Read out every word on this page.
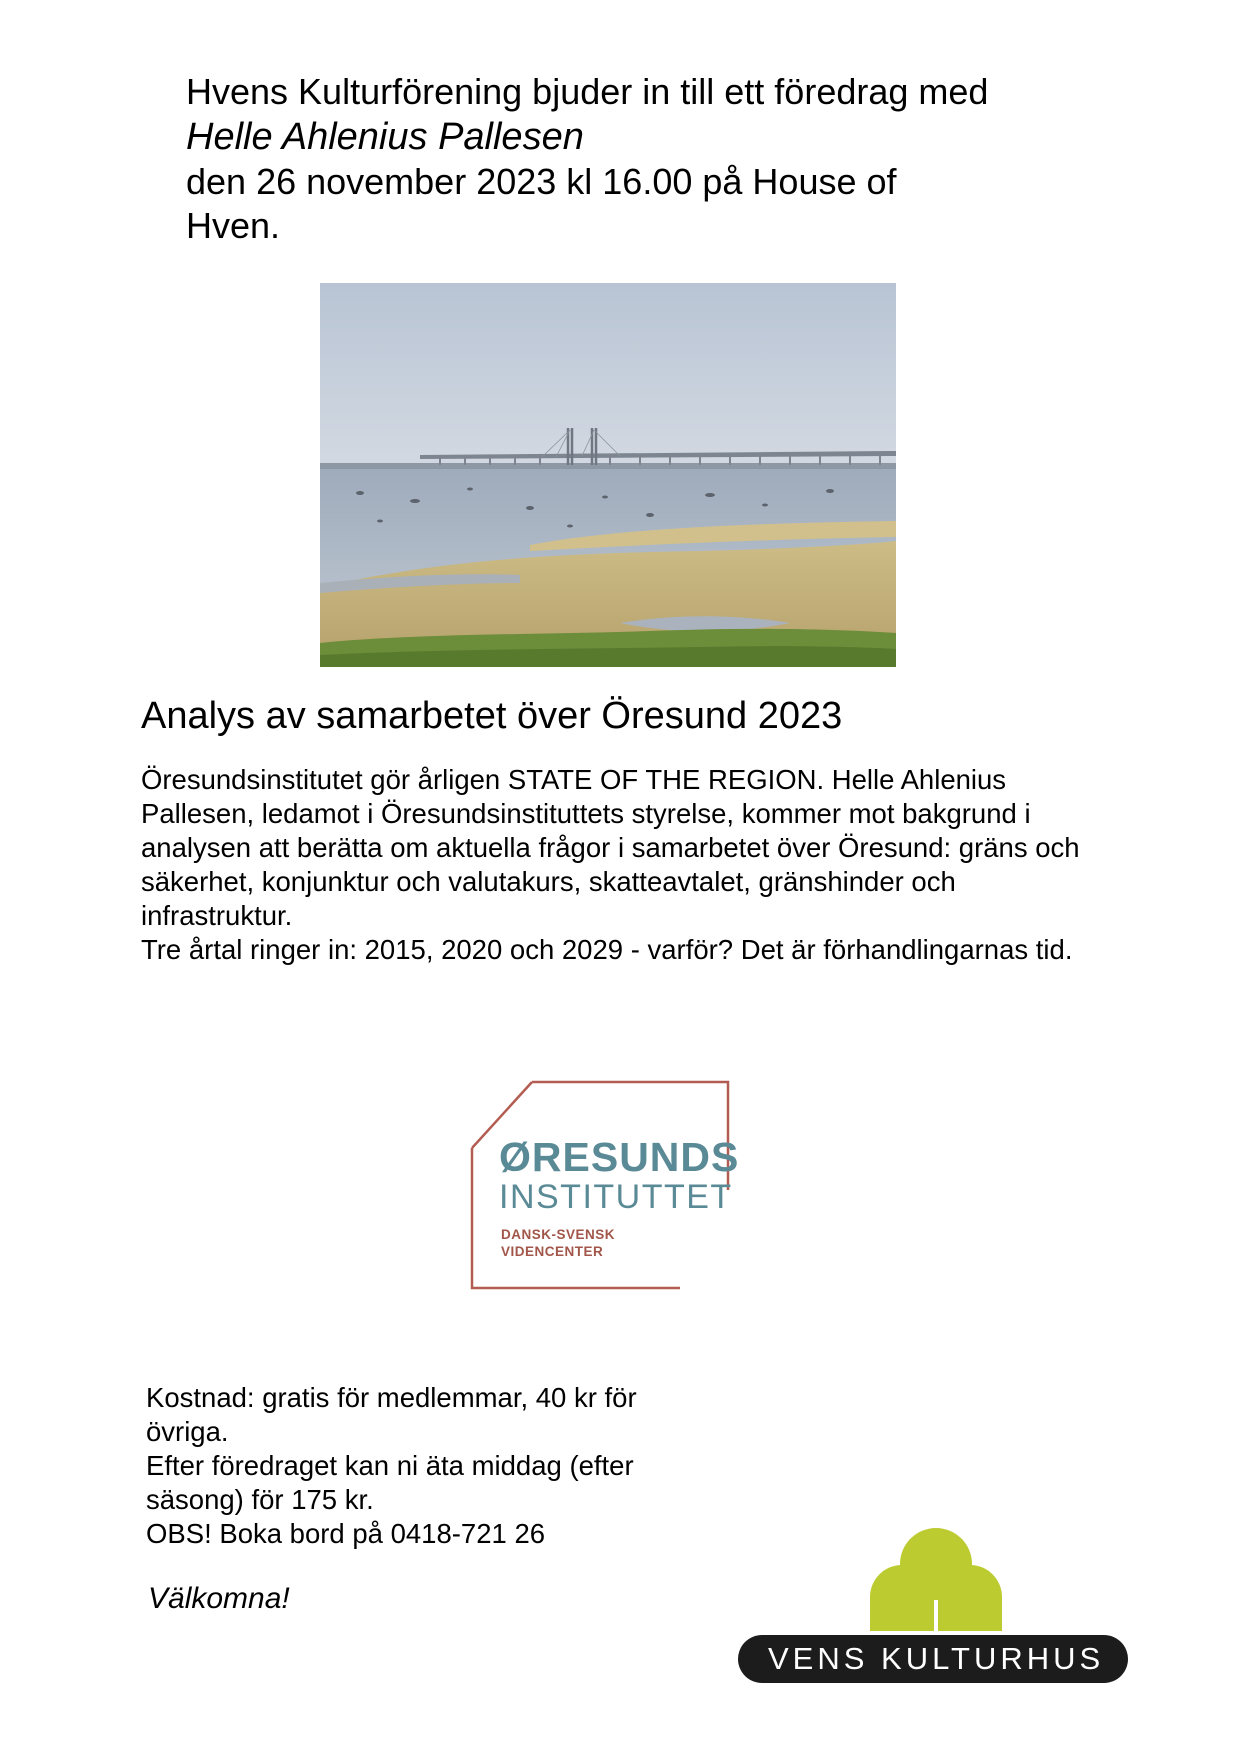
Hvens Kulturförening bjuder in till ett föredrag med
Helle Ahlenius Pallesen
den 26 november 2023 kl 16.00 på House of
Hven.
Analys av samarbetet över Öresund 2023

Öresundsinstitutet gör årligen STATE OF THE REGION. Helle Ahlenius Pallesen, ledamot i Öresundsinstituttets styrelse, kommer mot bakgrund i analysen att berätta om aktuella frågor i samarbetet över Öresund: gräns och säkerhet, konjunktur och valutakurs, skatteavtalet, gränshinder och infrastruktur.

Tre årtal ringer in: 2015, 2020 och 2029 - varför? Det är förhandlingarnas tid.

ØRESUNDS
INSTITUTTET
DANSK-SVENSK
VIDENCENTER

Kostnad: gratis för medlemmar, 40 kr för

övriga.

Efter föredraget kan ni äta middag (efter

säsong) för 175 kr.

OBS! Boka bord på 0418-721 26

Välkomna!
VENS KULTURHUS
